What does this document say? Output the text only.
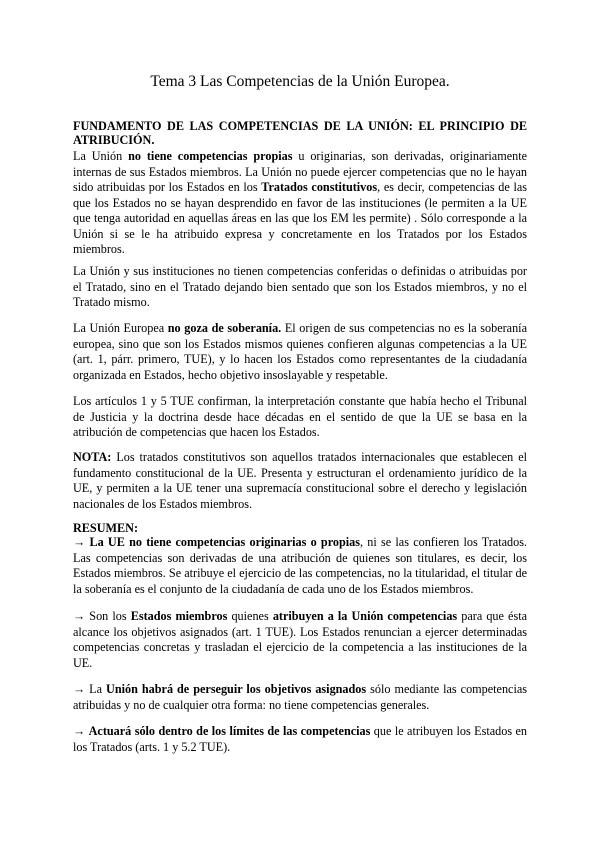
Tema 3 Las Competencias de la Unión Europea.

FUNDAMENTO DE LAS COMPETENCIAS DE LA UNIÓN: EL PRINCIPIO DE ATRIBUCIÓN.

La Unión no tiene competencias propias u originarias, son derivadas, originariamente internas de sus Estados miembros. La Unión no puede ejercer competencias que no le hayan sido atribuidas por los Estados en los Tratados constitutivos, es decir, competencias de las que los Estados no se hayan desprendido en favor de las instituciones (le permiten a la UE que tenga autoridad en aquellas áreas en las que los EM les permite) . Sólo corresponde a la Unión si se le ha atribuido expresa y concretamente en los Tratados por los Estados miembros.

La Unión y sus instituciones no tienen competencias conferidas o definidas o atribuidas por el Tratado, sino en el Tratado dejando bien sentado que son los Estados miembros, y no el Tratado mismo.

La Unión Europea no goza de soberanía. El origen de sus competencias no es la soberanía europea, sino que son los Estados mismos quienes confieren algunas competencias a la UE (art. 1, párr. primero, TUE), y lo hacen los Estados como representantes de la ciudadanía organizada en Estados, hecho objetivo insoslayable y respetable.

Los artículos 1 y 5 TUE confirman, la interpretación constante que había hecho el Tribunal de Justicia y la doctrina desde hace décadas en el sentido de que la UE se basa en la atribución de competencias que hacen los Estados.

NOTA: Los tratados constitutivos son aquellos tratados internacionales que establecen el fundamento constitucional de la UE. Presenta y estructuran el ordenamiento jurídico de la UE, y permiten a la UE tener una supremacía constitucional sobre el derecho y legislación nacionales de los Estados miembros.

RESUMEN:

→ La UE no tiene competencias originarias o propias, ni se las confieren los Tratados. Las competencias son derivadas de una atribución de quienes son titulares, es decir, los Estados miembros. Se atribuye el ejercicio de las competencias, no la titularidad, el titular de la soberanía es el conjunto de la ciudadanía de cada uno de los Estados miembros.

→ Son los Estados miembros quienes atribuyen a la Unión competencias para que ésta alcance los objetivos asignados (art. 1 TUE). Los Estados renuncian a ejercer determinadas competencias concretas y trasladan el ejercicio de la competencia a las instituciones de la UE.

→ La Unión habrá de perseguir los objetivos asignados sólo mediante las competencias atribuidas y no de cualquier otra forma: no tiene competencias generales.

→ Actuará sólo dentro de los límites de las competencias que le atribuyen los Estados en los Tratados (arts. 1 y 5.2 TUE).
